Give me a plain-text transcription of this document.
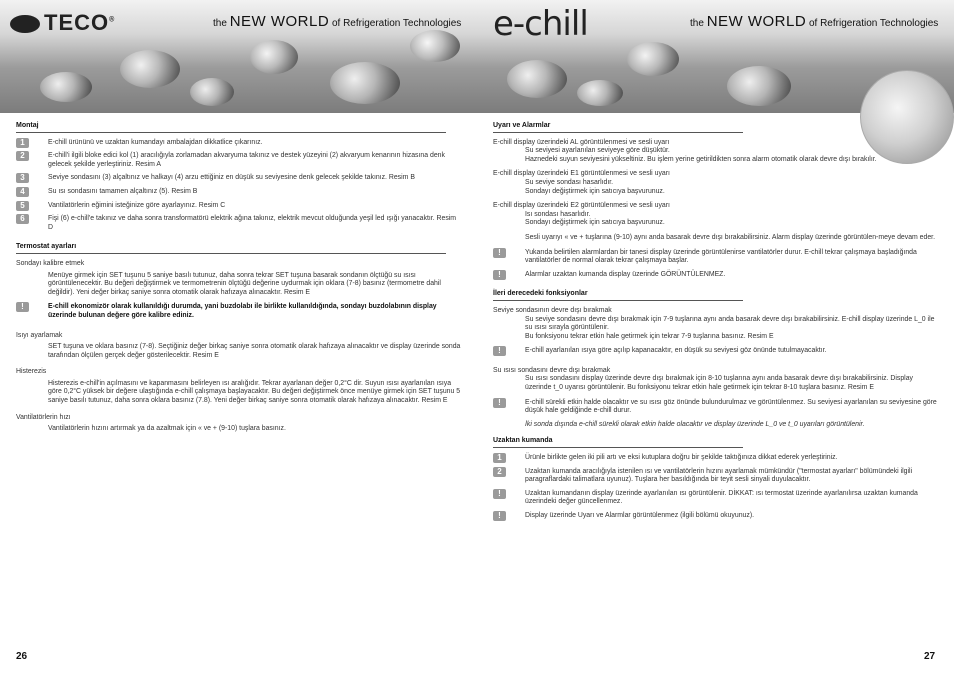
TECO®	the NEW WORLD of Refrigeration Technologies e-chill	the NEW WORLD of Refrigeration Technologies
Montaj
1	E-chill ürününü ve uzaktan kumandayı ambalajdan dikkatlice çıkarınız.
2	E-chill'i ilgili bloke edici kol (1) aracılığıyla zorlamadan akvaryuma takınız ve destek yüzeyini (2) akvaryum kenarının hizasına denk gelecek şekilde yerleştiriniz. Resim A
3	Seviye sondasını (3) alçaltınız ve halkayı (4) arzu ettiğiniz en düşük su seviyesine denk gelecek şekilde takınız. Resim B
4	Su ısı sondasını tamamen alçaltınız (5). Resim B
5	Vantilatörlerin eğimini isteğinize göre ayarlayınız. Resim C
6	Fişi (6) e-chill'e takınız ve daha sonra transformatörü elektrik ağına takınız, elektrik mevcut olduğunda yeşil led ışığı yanacaktır. Resim D
Termostat ayarları
Sondayı kalibre etmek
Menüye girmek için SET tuşunu 5 saniye basılı tutunuz, daha sonra tekrar SET tuşuna basarak sondanın ölçtüğü su ısısı görüntülenecektir. Bu değeri değiştirmek ve termometrenin ölçtüğü değerine uydurmak için oklara (7-8) basınız (termometre dahil değildir). Yeni değer birkaç saniye sonra otomatik olarak hafızaya alınacaktır. Resim E
!	E-chill ekonomizör olarak kullanıldığı durumda, yani buzdolabı ile birlikte kullanıldığında, sondayı buzdolabının display üzerinde bulunan değere göre kalibre ediniz.
Isıyı ayarlamak
SET tuşuna ve oklara basınız (7-8). Seçtiğiniz değer birkaç saniye sonra otomatik olarak hafızaya alınacaktır ve display üzerinde sonda tarafından ölçülen gerçek değer gösterilecektir. Resim E
Histerezis
Histerezis e-chill'in açılmasını ve kapanmasını belirleyen ısı aralığıdır. Tekrar ayarlanan değer 0,2°C dir. Suyun ısısı ayarlanılan ısıya göre 0,2°C yüksek bir değere ulaştığında e-chill çalışmaya başlayacaktır. Bu değeri değiştirmek önce menüye girmek için SET tuşunu 5 saniye basılı tutunuz, daha sonra oklara basınız (7.8). Yeni değer birkaç saniye sonra otomatik olarak hafızaya alınacaktır. Resim E
Vantilatörlerin hızı
Vantilatörlerin hızını artırmak ya da azaltmak için « ve + (9-10) tuşlara basınız.
Uyarı ve Alarmlar
E-chill display üzerindeki AL görüntülenmesi ve sesli uyarı
Su seviyesi ayarlanılan seviyeye göre düşüktür.
Haznedeki suyun seviyesini yükseltiniz. Bu işlem yerine getirildikten sonra alarm otomatik olarak devre dışı bırakılır.
E-chill display üzerindeki E1 görüntülenmesi ve sesli uyarı
Su seviye sondası hasarlıdır.
Sondayı değiştirmek için satıcıya başvurunuz.
E-chill display üzerindeki E2 görüntülenmesi ve sesli uyarı
Isı sondası hasarlıdır.
Sondayı değiştirmek için satıcıya başvurunuz.
Sesli uyarıyı « ve + tuşlarına (9-10) aynı anda basarak devre dışı bırakabilirsiniz. Alarm display üzerinde görüntülen-meye devam eder.
!	Yukarıda belirtilen alarmlardan bir tanesi display üzerinde görüntülenirse vantilatörler durur. E-chill tekrar çalışmaya başladığında vantilatörler de normal olarak tekrar çalışmaya başlar.
!	Alarmlar uzaktan kumanda display üzerinde GÖRÜNTÜLENMEZ.
İleri derecedeki fonksiyonlar
Seviye sondasının devre dışı bırakmak
Su seviye sondasını devre dışı bırakmak için 7-9 tuşlarına aynı anda basarak devre dışı bırakabilirsiniz. E-chill display üzerinde L_0 ile su ısısı sırayla görüntülenir.
Bu fonksiyonu tekrar etkin hale getirmek için tekrar 7-9 tuşlarına basınız. Resim E
!	E-chill ayarlanılan ısıya göre açılıp kapanacaktır, en düşük su seviyesi göz önünde tutulmayacaktır.
Su ısısı sondasını devre dışı bırakmak
Su ısısı sondasını display üzerinde devre dışı bırakmak için 8-10 tuşlarına aynı anda basarak devre dışı bırakabilirsiniz. Display üzerinde t_0 uyarısı görüntülenir. Bu fonksiyonu tekrar etkin hale getirmek için tekrar 8-10 tuşlara basınız. Resim E
!	E-chill sürekli etkin halde olacaktır ve su ısısı göz önünde bulundurulmaz ve görüntülenmez. Su seviyesi ayarlanılan su seviyesine göre düşük hale geldiğinde e-chill durur.
İki sonda dışında e-chill sürekli olarak etkin halde olacaktır ve display üzerinde L_0 ve t_0 uyarıları görüntülenir.
Uzaktan kumanda
1	Ürünle birlikte gelen iki pili artı ve eksi kutuplara doğru bir şekilde taktığınıza dikkat ederek yerleştiriniz.
2	Uzaktan kumanda aracılığıyla istenilen ısı ve vantilatörlerin hızını ayarlamak mümkündür ("termostat ayarları" bölümündeki ilgili paragraflardaki talimatlara uyunuz). Tuşlara her basıldığında bir teyit sesli sinyali duyulacaktır.
!	Uzaktan kumandanın display üzerinde ayarlanılan ısı görüntülenir. DİKKAT: ısı termostat üzerinde ayarlanılırsa uzaktan kumanda üzerindeki değer güncellenmez.
!	Display üzerinde Uyarı ve Alarmlar görüntülenmez (ilgili bölümü okuyunuz).
26	27
